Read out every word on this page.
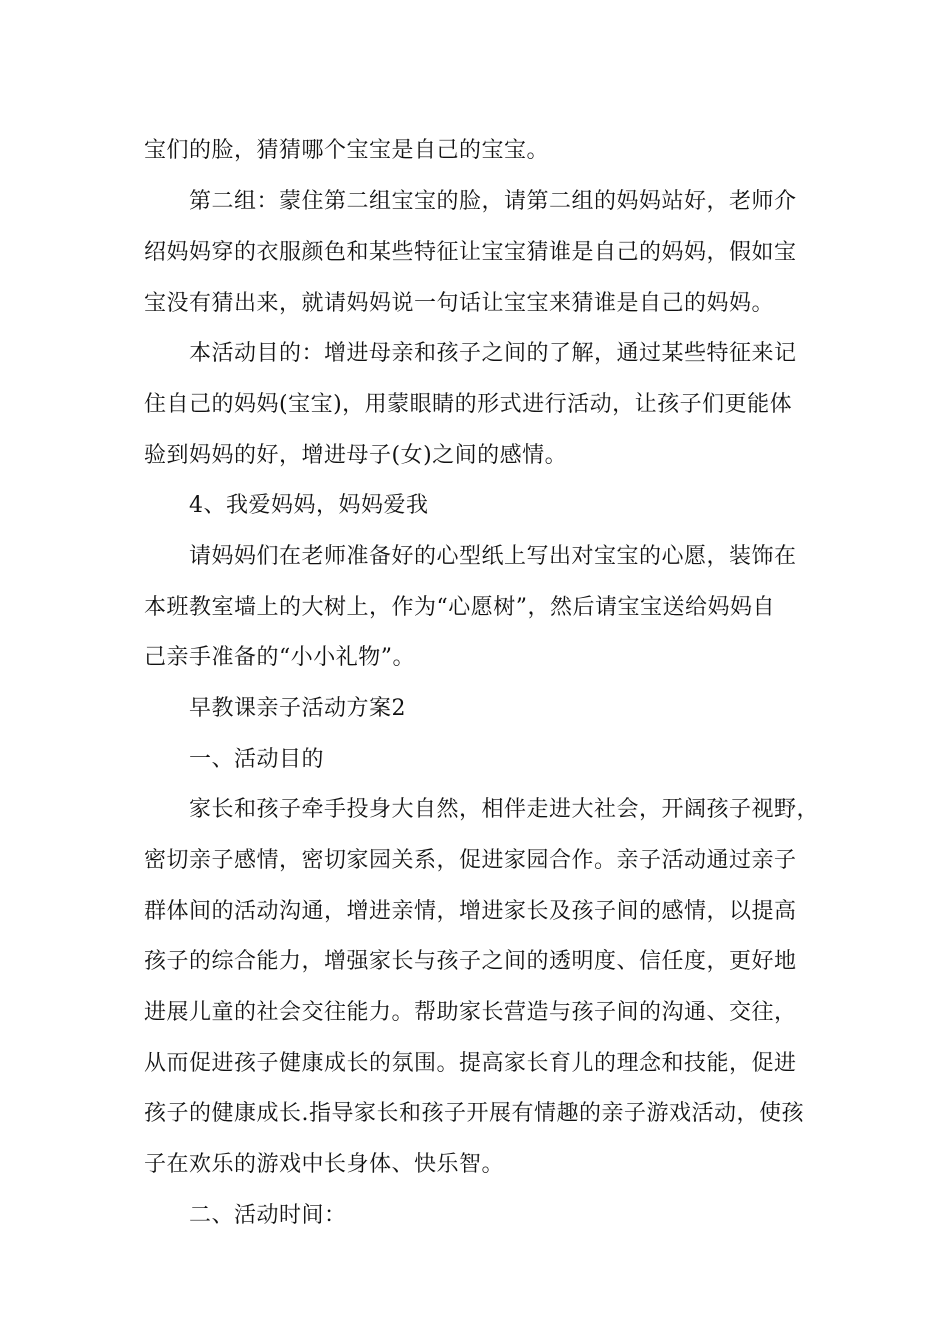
宝们的脸，猜猜哪个宝宝是自己的宝宝。
第二组：蒙住第二组宝宝的脸，请第二组的妈妈站好，老师介
绍妈妈穿的衣服颜色和某些特征让宝宝猜谁是自己的妈妈，假如宝
宝没有猜出来，就请妈妈说一句话让宝宝来猜谁是自己的妈妈。
本活动目的：增进母亲和孩子之间的了解，通过某些特征来记
住自己的妈妈(宝宝)，用蒙眼睛的形式进行活动，让孩子们更能体
验到妈妈的好，增进母子(女)之间的感情。
4、我爱妈妈，妈妈爱我
请妈妈们在老师准备好的心型纸上写出对宝宝的心愿，装饰在
本班教室墙上的大树上，作为“心愿树”，然后请宝宝送给妈妈自
己亲手准备的“小小礼物”。
早教课亲子活动方案2
一、活动目的
家长和孩子牵手投身大自然，相伴走进大社会，开阔孩子视野，
密切亲子感情，密切家园关系，促进家园合作。亲子活动通过亲子
群体间的活动沟通，增进亲情，增进家长及孩子间的感情，以提高
孩子的综合能力，增强家长与孩子之间的透明度、信任度，更好地
进展儿童的社会交往能力。帮助家长营造与孩子间的沟通、交往，
从而促进孩子健康成长的氛围。提高家长育儿的理念和技能，促进
孩子的健康成长.指导家长和孩子开展有情趣的亲子游戏活动，使孩
子在欢乐的游戏中长身体、快乐智。
二、活动时间：
